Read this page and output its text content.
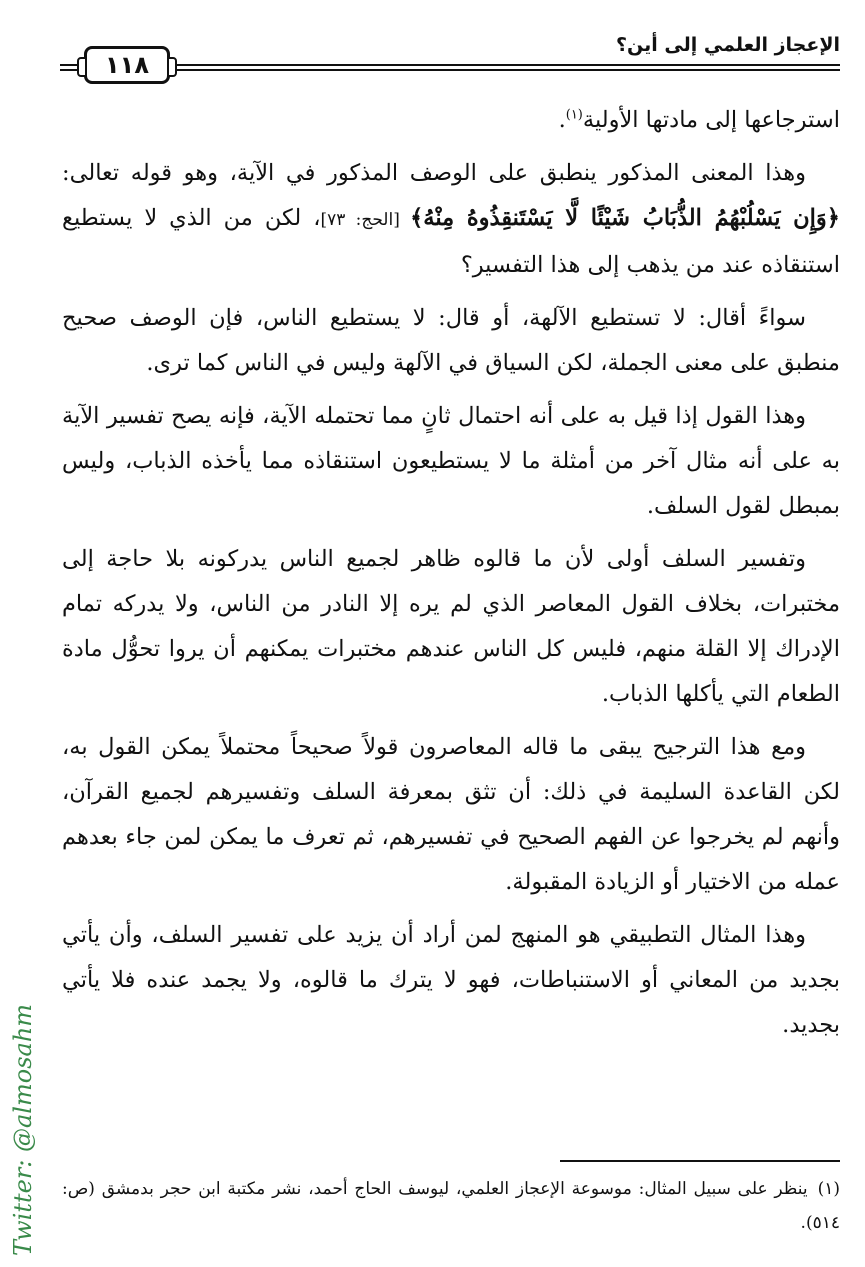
الإعجاز العلمي إلى أين؟
١١٨

استرجاعها إلى مادتها الأولية$^{(١)}$.

وهذا المعنى المذكور ينطبق على الوصف المذكور في الآية، وهو قوله تعالى: ﴿وَإِن يَسْلُبْهُمُ الذُّبَابُ شَيْئًا لَّا يَسْتَنقِذُوهُ مِنْهُ﴾ [الحج: ٧٣]، لكن من الذي لا يستطيع استنقاذه عند من يذهب إلى هذا التفسير؟

سواءً أقال: لا تستطيع الآلهة، أو قال: لا يستطيع الناس، فإن الوصف صحيح منطبق على معنى الجملة، لكن السياق في الآلهة وليس في الناس كما ترى.

وهذا القول إذا قيل به على أنه احتمال ثانٍ مما تحتمله الآية، فإنه يصح تفسير الآية به على أنه مثال آخر من أمثلة ما لا يستطيعون استنقاذه مما يأخذه الذباب، وليس بمبطل لقول السلف.

وتفسير السلف أولى لأن ما قالوه ظاهر لجميع الناس يدركونه بلا حاجة إلى مختبرات، بخلاف القول المعاصر الذي لم يره إلا النادر من الناس، ولا يدركه تمام الإدراك إلا القلة منهم، فليس كل الناس عندهم مختبرات يمكنهم أن يروا تحوُّل مادة الطعام التي يأكلها الذباب.

ومع هذا الترجيح يبقى ما قاله المعاصرون قولاً صحيحاً محتملاً يمكن القول به، لكن القاعدة السليمة في ذلك: أن تثق بمعرفة السلف وتفسيرهم لجميع القرآن، وأنهم لم يخرجوا عن الفهم الصحيح في تفسيرهم، ثم تعرف ما يمكن لمن جاء بعدهم عمله من الاختيار أو الزيادة المقبولة.

وهذا المثال التطبيقي هو المنهج لمن أراد أن يزيد على تفسير السلف، وأن يأتي بجديد من المعاني أو الاستنباطات، فهو لا يترك ما قالوه، ولا يجمد عنده فلا يأتي بجديد.

(١)ينظر على سبيل المثال: موسوعة الإعجاز العلمي، ليوسف الحاج أحمد، نشر مكتبة ابن حجر بدمشق (ص: ٥١٤).
Twitter: @almosahm
